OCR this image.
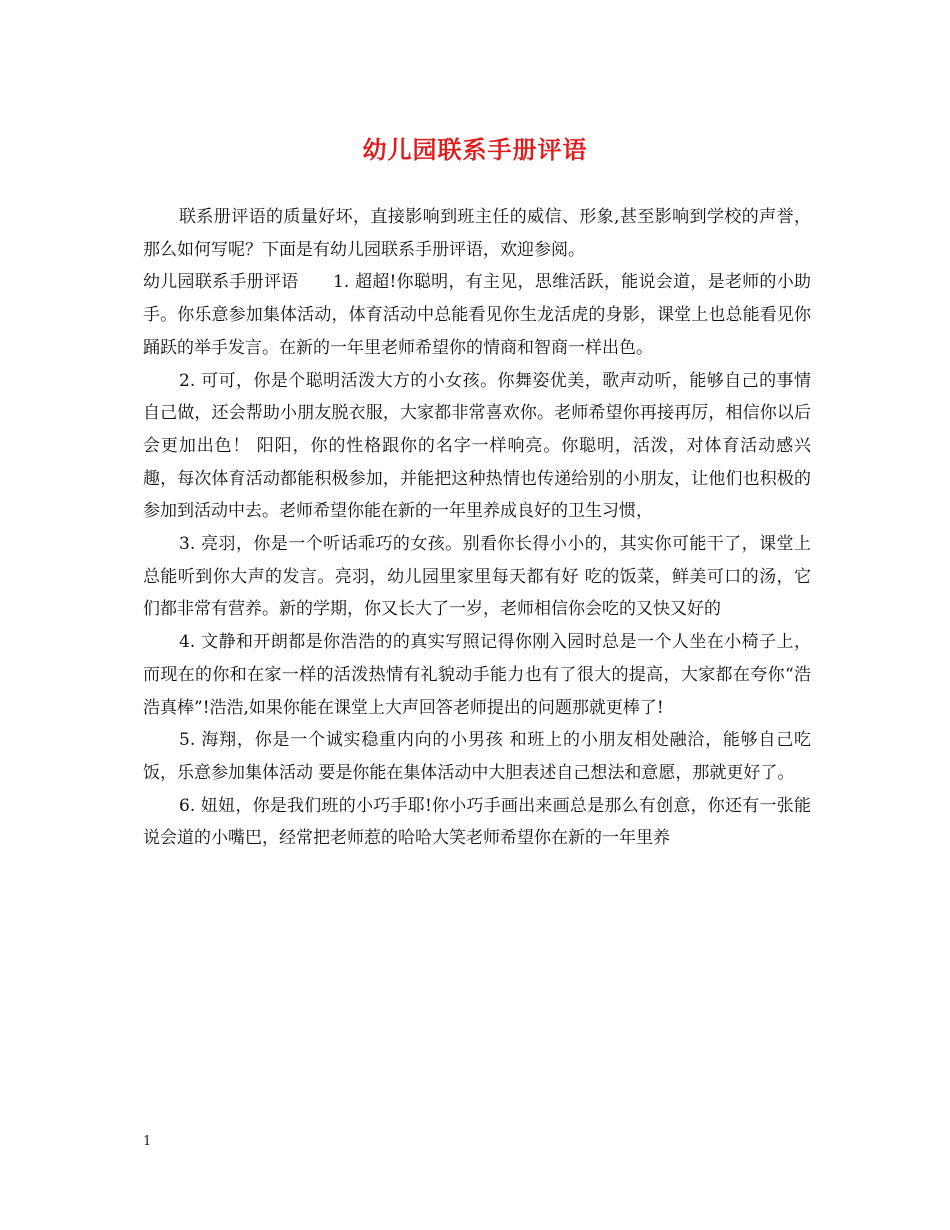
幼儿园联系手册评语

联系册评语的质量好坏，直接影响到班主任的威信、形象,甚至影响到学校的声誉，那么如何写呢？下面是有幼儿园联系手册评语，欢迎参阅。

幼儿园联系手册评语　　1. 超超!你聪明，有主见，思维活跃，能说会道，是老师的小助手。你乐意参加集体活动，体育活动中总能看见你生龙活虎的身影，课堂上也总能看见你踊跃的举手发言。在新的一年里老师希望你的情商和智商一样出色。

2. 可可，你是个聪明活泼大方的小女孩。你舞姿优美，歌声动听，能够自己的事情自己做，还会帮助小朋友脱衣服，大家都非常喜欢你。老师希望你再接再厉，相信你以后会更加出色！ 阳阳，你的性格跟你的名字一样响亮。你聪明，活泼，对体育活动感兴趣，每次体育活动都能积极参加，并能把这种热情也传递给别的小朋友，让他们也积极的参加到活动中去。老师希望你能在新的一年里养成良好的卫生习惯，

3. 亮羽，你是一个听话乖巧的女孩。别看你长得小小的，其实你可能干了，课堂上总能听到你大声的发言。亮羽，幼儿园里家里每天都有好 吃的饭菜，鲜美可口的汤，它们都非常有营养。新的学期，你又长大了一岁，老师相信你会吃的又快又好的

4. 文静和开朗都是你浩浩的的真实写照记得你刚入园时总是一个人坐在小椅子上，而现在的你和在家一样的活泼热情有礼貌动手能力也有了很大的提高，大家都在夸你“浩浩真棒”!浩浩,如果你能在课堂上大声回答老师提出的问题那就更棒了!

5. 海翔，你是一个诚实稳重内向的小男孩 和班上的小朋友相处融洽，能够自己吃饭，乐意参加集体活动 要是你能在集体活动中大胆表述自己想法和意愿，那就更好了。

6. 妞妞，你是我们班的小巧手耶!你小巧手画出来画总是那么有创意，你还有一张能说会道的小嘴巴，经常把老师惹的哈哈大笑老师希望你在新的一年里养

1
